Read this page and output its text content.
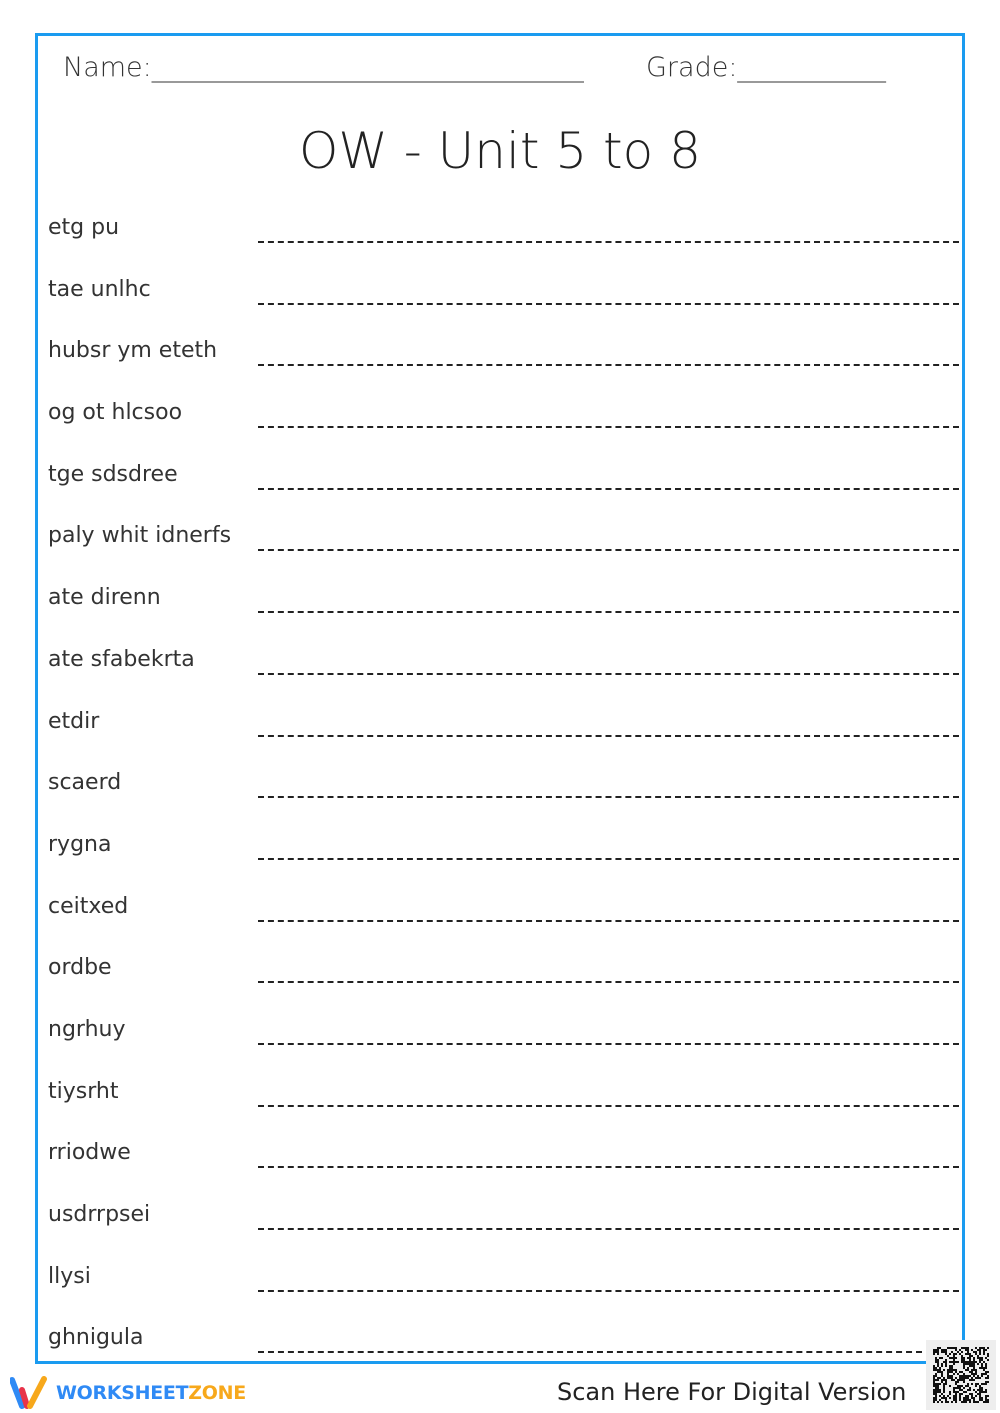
Name:________________________________ Grade:___________
OW - Unit 5 to 8
etg pu
tae unlhc
hubsr ym eteth
og ot hlcsoo
tge sdsdree
paly whit idnerfs
ate direnn
ate sfabekrta
etdir
scaerd
rygna
ceitxed
ordbe
ngrhuy
tiysrht
rriodwe
usdrrpsei
llysi
ghnigula
WORKSHEETZONE	Scan Here For Digital Version
